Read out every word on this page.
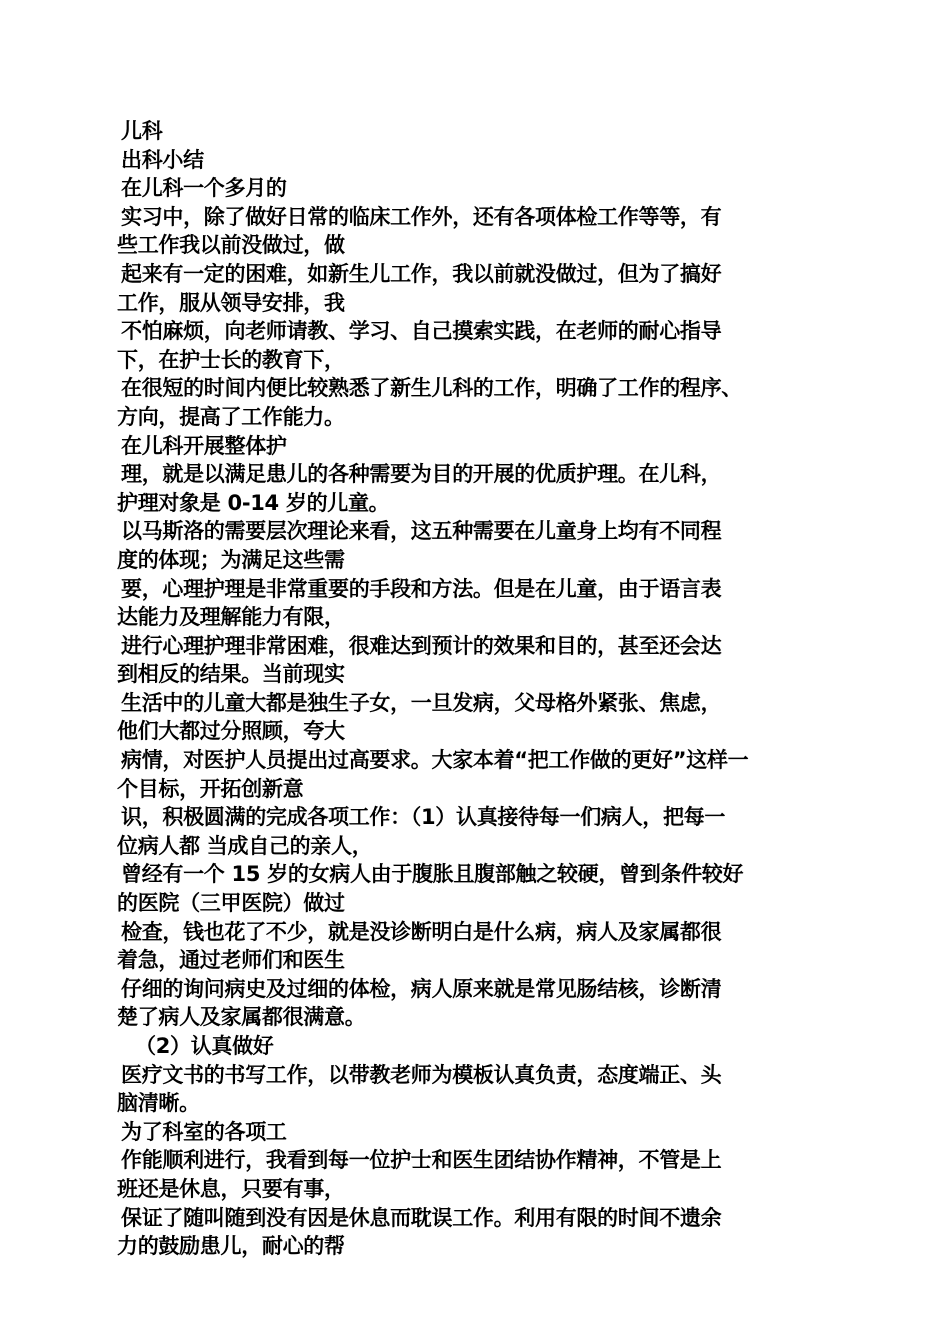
儿科
出科小结
在儿科一个多月的
实习中，除了做好日常的临床工作外，还有各项体检工作等等，有
些工作我以前没做过，做
起来有一定的困难，如新生儿工作，我以前就没做过，但为了搞好
工作，服从领导安排，我
不怕麻烦，向老师请教、学习、自己摸索实践，在老师的耐心指导
下，在护士长的教育下，
在很短的时间内便比较熟悉了新生儿科的工作，明确了工作的程序、
方向，提高了工作能力。
在儿科开展整体护
理，就是以满足患儿的各种需要为目的开展的优质护理。在儿科，
护理对象是 0-14 岁的儿童。
以马斯洛的需要层次理论来看，这五种需要在儿童身上均有不同程
度的体现；为满足这些需
要，心理护理是非常重要的手段和方法。但是在儿童，由于语言表
达能力及理解能力有限，
进行心理护理非常困难，很难达到预计的效果和目的，甚至还会达
到相反的结果。当前现实
生活中的儿童大都是独生子女，一旦发病，父母格外紧张、焦虑，
他们大都过分照顾，夸大
病情，对医护人员提出过高要求。大家本着“把工作做的更好”这样一
个目标，开拓创新意
识，积极圆满的完成各项工作：（1）认真接待每一们病人，把每一
位病人都 当成自己的亲人，
曾经有一个 15 岁的女病人由于腹胀且腹部触之较硬，曾到条件较好
的医院（三甲医院）做过
检查，钱也花了不少，就是没诊断明白是什么病，病人及家属都很
着急，通过老师们和医生
仔细的询问病史及过细的体检，病人原来就是常见肠结核，诊断清
楚了病人及家属都很满意。
（2）认真做好
医疗文书的书写工作，以带教老师为模板认真负责，态度端正、头
脑清晰。
为了科室的各项工
作能顺利进行，我看到每一位护士和医生团结协作精神，不管是上
班还是休息，只要有事，
保证了随叫随到没有因是休息而耽误工作。利用有限的时间不遗余
力的鼓励患儿，耐心的帮
